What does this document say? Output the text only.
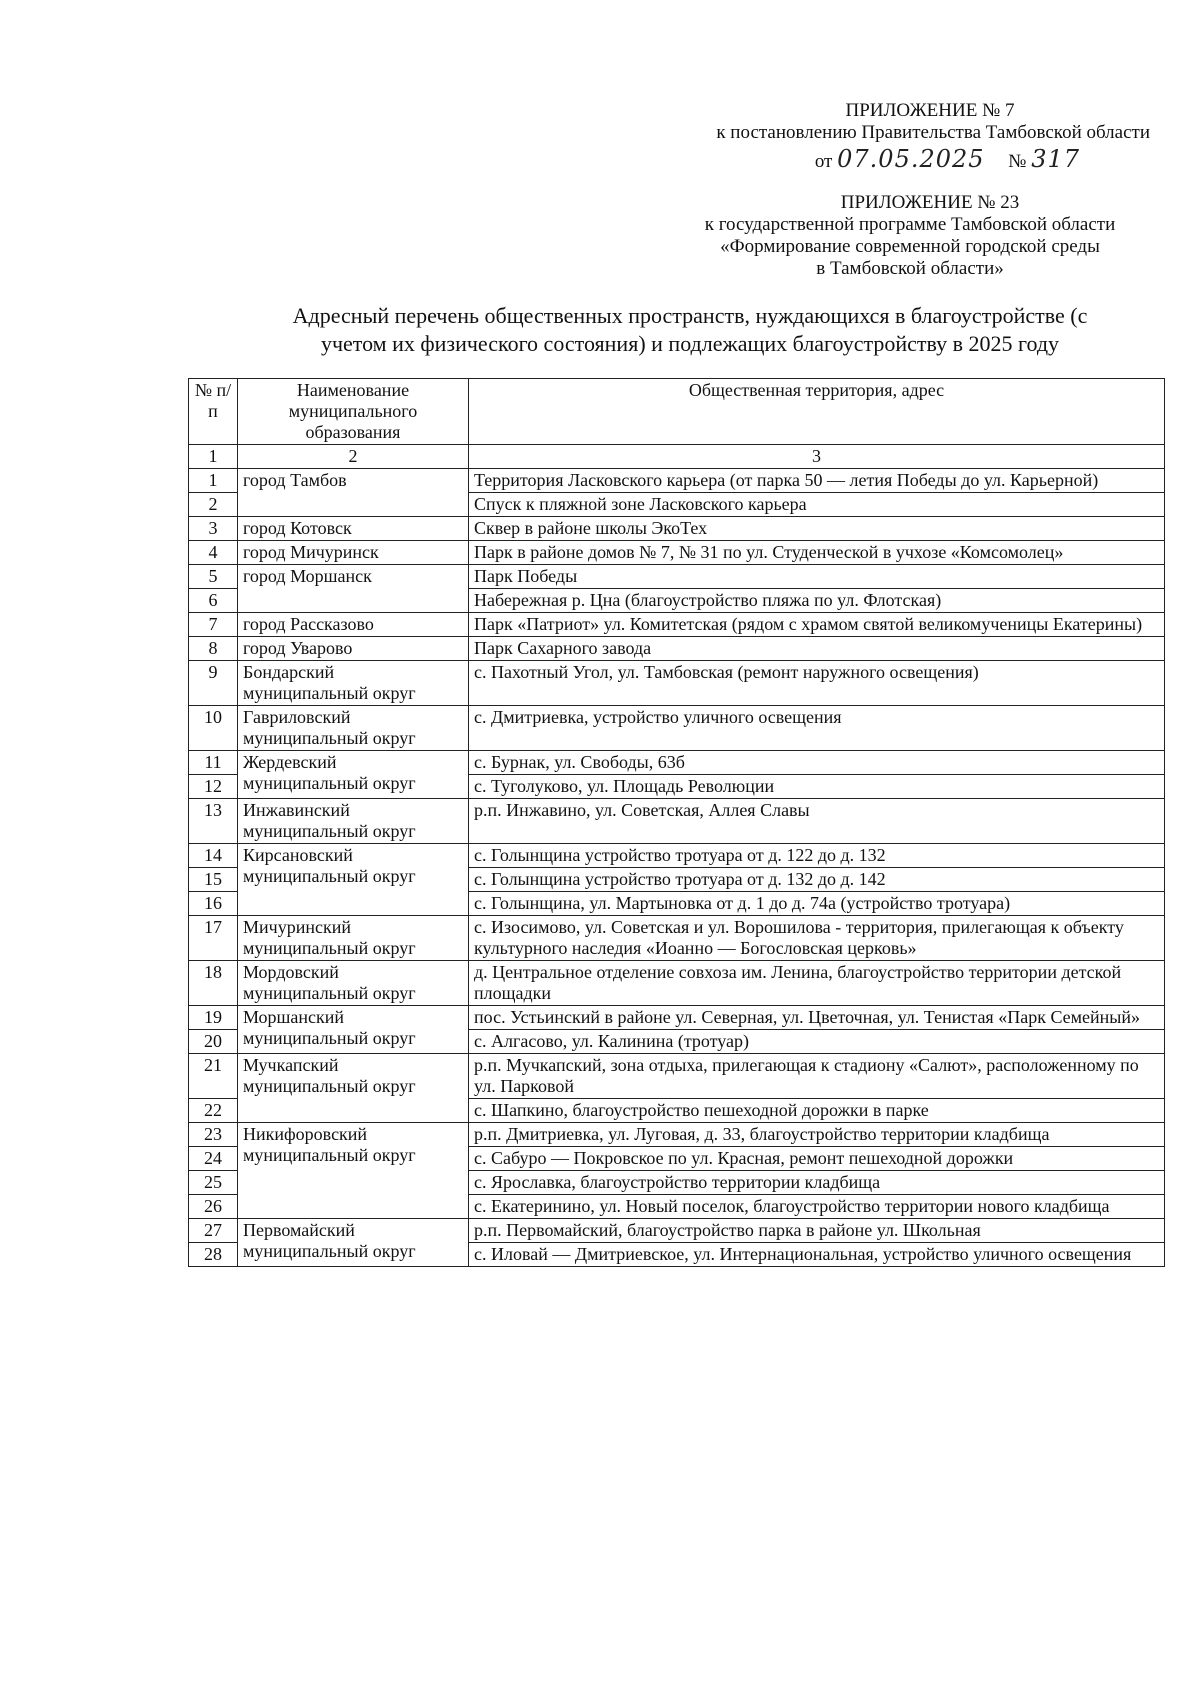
ПРИЛОЖЕНИЕ № 7
к постановлению Правительства Тамбовской области
от 07.05.2025 № 317
ПРИЛОЖЕНИЕ № 23
к государственной программе Тамбовской области
«Формирование современной городской среды
в Тамбовской области»
Адресный перечень общественных пространств, нуждающихся в благоустройстве (с
учетом их физического состояния) и подлежащих благоустройству в 2025 году
№ п/п	Наименование муниципального образования	Общественная территория, адрес
1	2	3
1	город Тамбов	Территория Ласковского карьера (от парка 50 — летия Победы до ул. Карьерной)
2		Спуск к пляжной зоне Ласковского карьера
3	город Котовск	Сквер в районе школы ЭкоТех
4	город Мичуринск	Парк в районе домов № 7, № 31 по ул. Студенческой в учхозе «Комсомолец»
5	город Моршанск	Парк Победы
6		Набережная р. Цна (благоустройство пляжа по ул. Флотская)
7	город Рассказово	Парк «Патриот» ул. Комитетская (рядом с храмом святой великомученицы Екатерины)
8	город Уварово	Парк Сахарного завода
9	Бондарский муниципальный округ	с. Пахотный Угол, ул. Тамбовская (ремонт наружного освещения)
10	Гавриловский муниципальный округ	с. Дмитриевка, устройство уличного освещения
11	Жердевский муниципальный округ	с. Бурнак, ул. Свободы, 63б
12		с. Туголуково, ул. Площадь Революции
13	Инжавинский муниципальный округ	р.п. Инжавино, ул. Советская, Аллея Славы
14	Кирсановский муниципальный округ	с. Голынщина устройство тротуара от д. 122 до д. 132
15		с. Голынщина устройство тротуара от д. 132 до д. 142
16		с. Голынщина, ул. Мартыновка от д. 1 до д. 74а (устройство тротуара)
17	Мичуринский муниципальный округ	с. Изосимово, ул. Советская и ул. Ворошилова - территория, прилегающая к объекту культурного наследия «Иоанно — Богословская церковь»
18	Мордовский муниципальный округ	д. Центральное отделение совхоза им. Ленина, благоустройство территории детской площадки
19	Моршанский муниципальный округ	пос. Устьинский в районе ул. Северная, ул. Цветочная, ул. Тенистая «Парк Семейный»
20		с. Алгасово, ул. Калинина (тротуар)
21	Мучкапский муниципальный округ	р.п. Мучкапский, зона отдыха, прилегающая к стадиону «Салют», расположенному по ул. Парковой
22		с. Шапкино, благоустройство пешеходной дорожки в парке
23	Никифоровский муниципальный округ	р.п. Дмитриевка, ул. Луговая, д. 33, благоустройство территории кладбища
24		с. Сабуро — Покровское по ул. Красная, ремонт пешеходной дорожки
25		с. Ярославка, благоустройство территории кладбища
26		с. Екатеринино, ул. Новый поселок, благоустройство территории нового кладбища
27	Первомайский муниципальный округ	р.п. Первомайский, благоустройство парка в районе ул. Школьная
28		с. Иловай — Дмитриевское, ул. Интернациональная, устройство уличного освещения
